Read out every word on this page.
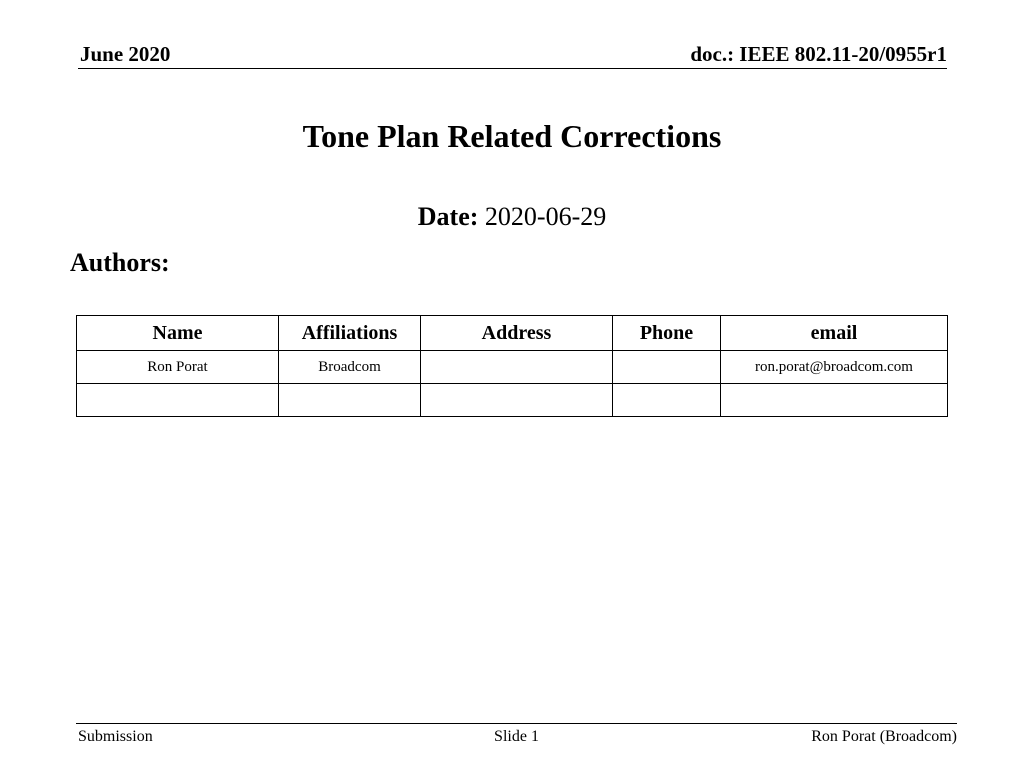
June 2020	doc.: IEEE 802.11-20/0955r1
Tone Plan Related Corrections
Date: 2020-06-29
Authors:
Name	Affiliations	Address	Phone	email
Ron Porat	Broadcom			ron.porat@broadcom.com

Submission	Slide 1	Ron Porat (Broadcom)
